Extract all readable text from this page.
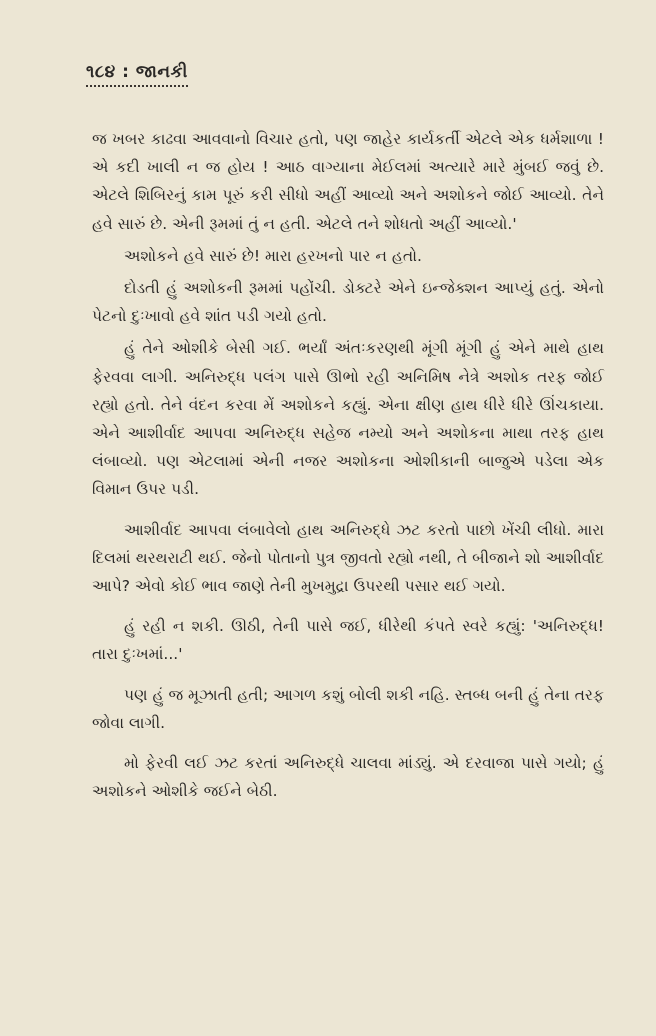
૧૮૪ : જાનકી

જ ખબર કાઢવા આવવાનો વિચાર હતો, પણ જાહેર કાર્યકર્તી એટલે એક ધર્મશાળા ! એ કદી ખાલી ન જ હોય ! આઠ વાગ્યાના મેઈલમાં અત્યારે મારે મુંબઈ જવું છે. એટલે શિબિરનું કામ પૂરું કરી સીધો અહીં આવ્યો અને અશોકને જોઈ આવ્યો. તેને હવે સારું છે. એની રૂમમાં તું ન હતી. એટલે તને શોધતો અહીં આવ્યો.'

અશોકને હવે સારું છે! મારા હરખનો પાર ન હતો.

દોડતી હું અશોકની રૂમમાં પહોંચી. ડોક્ટરે એને ઇન્જેક્શન આપ્યું હતું. એનો પેટનો દુઃખાવો હવે શાંત પડી ગયો હતો.

હું તેને ઓશીકે બેસી ગઈ. ભર્યાં અંતઃકરણથી મૂંગી મૂંગી હું એને માથે હાથ ફેરવવા લાગી. અનિરુદ્ધ પલંગ પાસે ઊભો રહી અનિમિષ નેત્રે અશોક તરફ જોઈ રહ્યો હતો. તેને વંદન કરવા મેં અશોકને કહ્યું. એના ક્ષીણ હાથ ધીરે ધીરે ઊંચકાયા. એને આશીર્વાદ આપવા અનિરુદ્ધ સહેજ નમ્યો અને અશોકના માથા તરફ હાથ લંબાવ્યો. પણ એટલામાં એની નજર અશોકના ઓશીકાની બાજુએ પડેલા એક વિમાન ઉપર પડી.

આશીર્વાદ આપવા લંબાવેલો હાથ અનિરુદ્ધે ઝટ કરતો પાછો ખેંચી લીધો. મારા દિલમાં થરથરાટી થઈ. જેનો પોતાનો પુત્ર જીવતો રહ્યો નથી, તે બીજાને શો આશીર્વાદ આપે? એવો કોઈ ભાવ જાણે તેની મુખમુદ્રા ઉપરથી પસાર થઈ ગયો.

હું રહી ન શકી. ઊઠી, તેની પાસે જઈ, ધીરેથી કંપતે સ્વરે કહ્યું: 'અનિરુદ્ધ! તારા દુઃખમાં...'

પણ હું જ મૂઝાતી હતી; આગળ કશું બોલી શકી નહિ. સ્તબ્ધ બની હું તેના તરફ જોવા લાગી.

મો ફેરવી લઈ ઝટ કરતાં અનિરુદ્ધે ચાલવા માંડ્યું. એ દરવાજા પાસે ગયો; હું અશોકને ઓશીકે જઈને બેઠી.
